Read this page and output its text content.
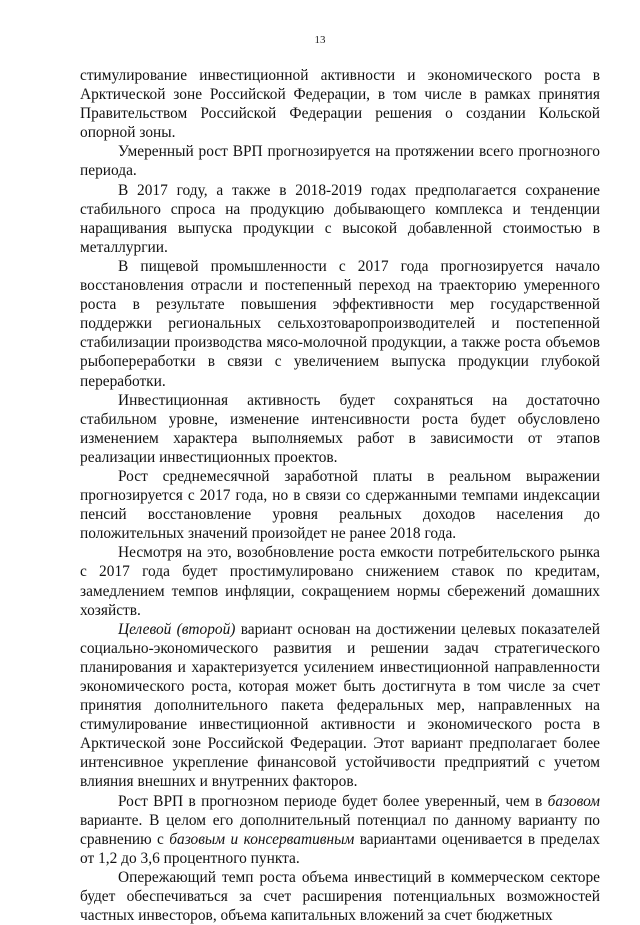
13

стимулирование инвестиционной активности и экономического роста в Арктической зоне Российской Федерации, в том числе в рамках принятия Правительством Российской Федерации решения о создании Кольской опорной зоны.

Умеренный рост ВРП прогнозируется на протяжении всего прогнозного периода.

В 2017 году, а также в 2018-2019 годах предполагается сохранение стабильного спроса на продукцию добывающего комплекса и тенденции наращивания выпуска продукции с высокой добавленной стоимостью в металлургии.

В пищевой промышленности с 2017 года прогнозируется начало восстановления отрасли и постепенный переход на траекторию умеренного роста в результате повышения эффективности мер государственной поддержки региональных сельхозтоваропроизводителей и постепенной стабилизации производства мясо-молочной продукции, а также роста объемов рыбопереработки в связи с увеличением выпуска продукции глубокой переработки.

Инвестиционная активность будет сохраняться на достаточно стабильном уровне, изменение интенсивности роста будет обусловлено изменением характера выполняемых работ в зависимости от этапов реализации инвестиционных проектов.

Рост среднемесячной заработной платы в реальном выражении прогнозируется с 2017 года, но в связи со сдержанными темпами индексации пенсий восстановление уровня реальных доходов населения до положительных значений произойдет не ранее 2018 года.

Несмотря на это, возобновление роста емкости потребительского рынка с 2017 года будет простимулировано снижением ставок по кредитам, замедлением темпов инфляции, сокращением нормы сбережений домашних хозяйств.

Целевой (второй) вариант основан на достижении целевых показателей социально-экономического развития и решении задач стратегического планирования и характеризуется усилением инвестиционной направленности экономического роста, которая может быть достигнута в том числе за счет принятия дополнительного пакета федеральных мер, направленных на стимулирование инвестиционной активности и экономического роста в Арктической зоне Российской Федерации. Этот вариант предполагает более интенсивное укрепление финансовой устойчивости предприятий с учетом влияния внешних и внутренних факторов.

Рост ВРП в прогнозном периоде будет более уверенный, чем в базовом варианте. В целом его дополнительный потенциал по данному варианту по сравнению с базовым и консервативным вариантами оценивается в пределах от 1,2 до 3,6 процентного пункта.

Опережающий темп роста объема инвестиций в коммерческом секторе будет обеспечиваться за счет расширения потенциальных возможностей частных инвесторов, объема капитальных вложений за счет бюджетных
